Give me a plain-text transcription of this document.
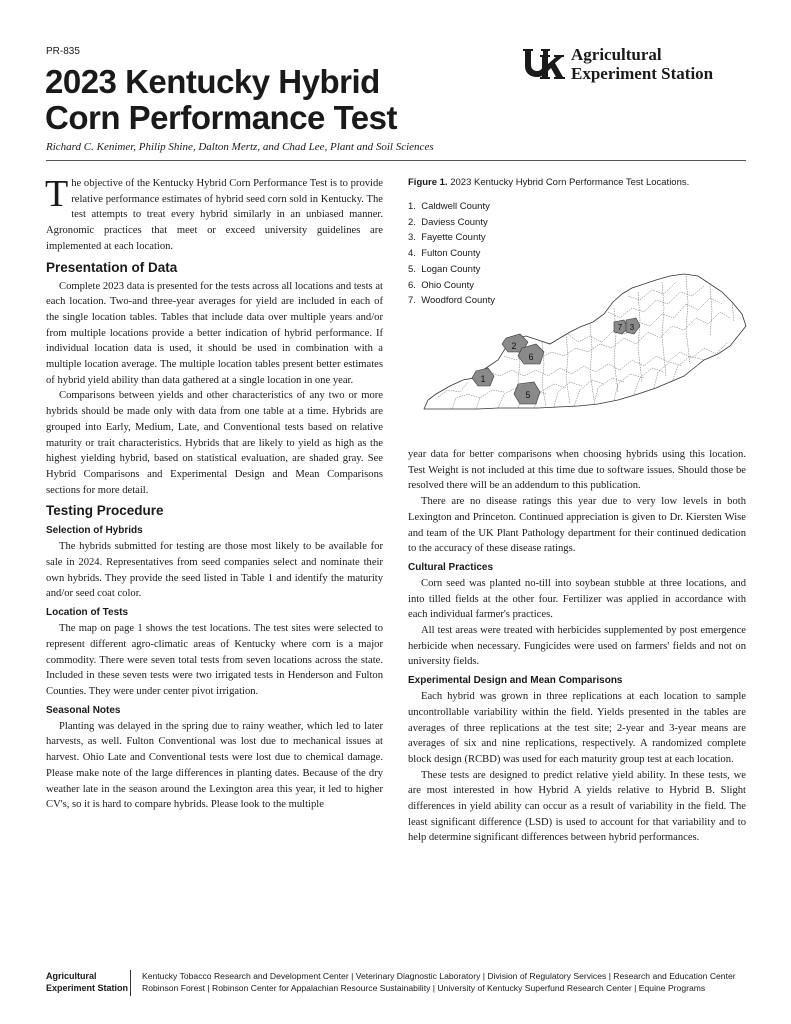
PR-835
2023 Kentucky Hybrid
Corn Performance Test
Agricultural
Experiment Station
Richard C. Kenimer, Philip Shine, Dalton Mertz, and Chad Lee, Plant and Soil Sciences

The objective of the Kentucky Hybrid Corn Performance Test is to provide relative performance estimates of hybrid seed corn sold in Kentucky. The test attempts to treat every hybrid similarly in an unbiased manner. Agronomic practices that meet or exceed university guidelines are implemented at each location.

Presentation of Data

Complete 2023 data is presented for the tests across all locations and tests at each location. Two-and three-year averages for yield are included in each of the single location tables. Tables that include data over multiple years and/or from multiple locations provide a better indication of hybrid performance. If individual location data is used, it should be used in combination with a multiple location average. The multiple location tables present better estimates of hybrid yield ability than data gathered at a single location in one year.

Comparisons between yields and other characteristics of any two or more hybrids should be made only with data from one table at a time. Hybrids are grouped into Early, Medium, Late, and Conventional tests based on relative maturity or trait characteristics. Hybrids that are likely to yield as high as the highest yielding hybrid, based on statistical evaluation, are shaded gray. See Hybrid Comparisons and Experimental Design and Mean Comparisons sections for more detail.

Testing Procedure
Selection of Hybrids

The hybrids submitted for testing are those most likely to be available for sale in 2024. Representatives from seed companies select and nominate their own hybrids. They provide the seed listed in Table 1 and identify the maturity and/or seed coat color.

Location of Tests

The map on page 1 shows the test locations. The test sites were selected to represent different agro-climatic areas of Kentucky where corn is a major commodity. There were seven total tests from seven locations across the state. Included in these seven tests were two irrigated tests in Henderson and Fulton Counties. They were under center pivot irrigation.

Seasonal Notes

Planting was delayed in the spring due to rainy weather, which led to later harvests, as well. Fulton Conventional was lost due to mechanical issues at harvest. Ohio Late and Conventional tests were lost due to chemical damage. Please make note of the large differences in planting dates. Because of the dry weather late in the season around the Lexington area this year, it led to higher CV's, so it is hard to compare hybrids. Please look to the multiple

Figure 1. 2023 Kentucky Hybrid Corn Performance Test Locations.
1.  Caldwell County
2.  Daviess County
3.  Fayette County
4.  Fulton County
5.  Logan County
6.  Ohio County
7.  Woodford County
1
2
6
5
7 3

year data for better comparisons when choosing hybrids using this location. Test Weight is not included at this time due to software issues. Should those be resolved there will be an addendum to this publication.

There are no disease ratings this year due to very low levels in both Lexington and Princeton. Continued appreciation is given to Dr. Kiersten Wise and team of the UK Plant Pathology department for their continued dedication to the accuracy of these disease ratings.

Cultural Practices

Corn seed was planted no-till into soybean stubble at three locations, and into tilled fields at the other four. Fertilizer was applied in accordance with each individual farmer's practices.

All test areas were treated with herbicides supplemented by post emergence herbicide when necessary. Fungicides were used on farmers' fields and not on university fields.

Experimental Design and Mean Comparisons

Each hybrid was grown in three replications at each location to sample uncontrollable variability within the field. Yields presented in the tables are averages of three replications at the test site; 2-year and 3-year means are averages of six and nine replications, respectively. A randomized complete block design (RCBD) was used for each maturity group test at each location.

These tests are designed to predict relative yield ability. In these tests, we are most interested in how Hybrid A yields relative to Hybrid B. Slight differences in yield ability can occur as a result of variability in the field. The least significant difference (LSD) is used to account for that variability and to help determine significant differences between hybrid performances.

Agricultural
Experiment Station
Kentucky Tobacco Research and Development Center | Veterinary Diagnostic Laboratory | Division of Regulatory Services | Research and Education Center
Robinson Forest | Robinson Center for Appalachian Resource Sustainability | University of Kentucky Superfund Research Center | Equine Programs
